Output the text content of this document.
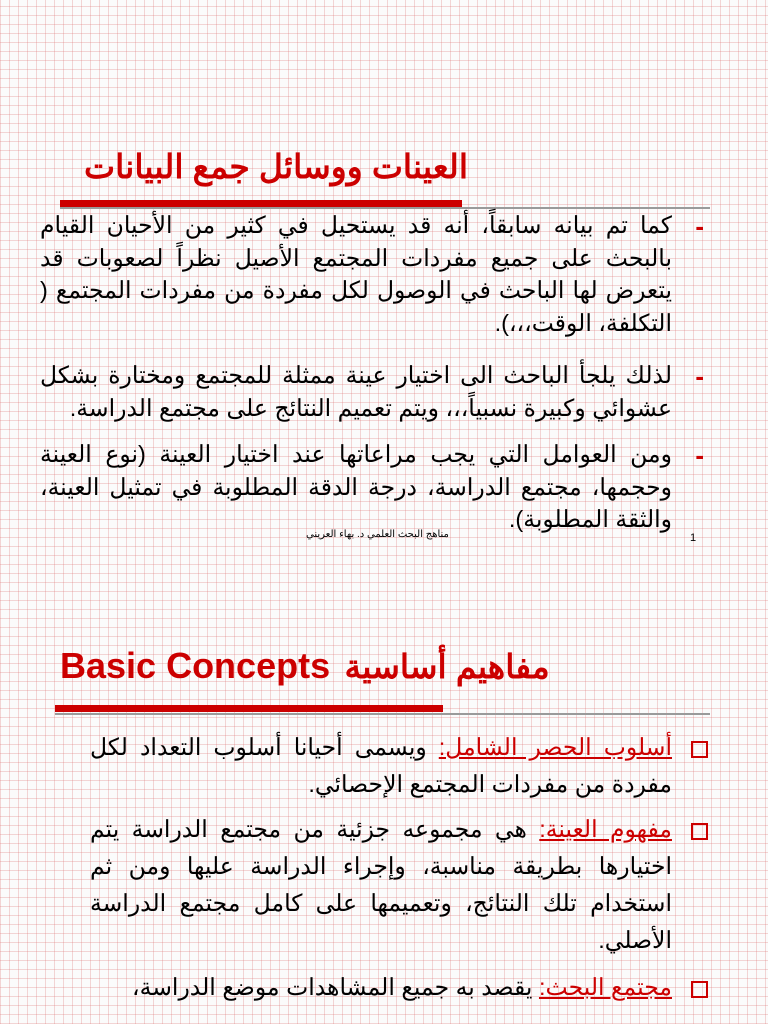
العينات ووسائل جمع البيانات
-

كما تم بيانه سابقاً، أنه قد يستحيل في كثير من الأحيان القيام بالبحث على جميع مفردات المجتمع الأصيل نظراً لصعوبات قد يتعرض لها الباحث في الوصول لكل مفردة من مفردات المجتمع ( التكلفة، الوقت،،،).

-

لذلك يلجأ الباحث الى اختيار عينة ممثلة للمجتمع ومختارة بشكل عشوائي وكبيرة نسبياً،،، ويتم تعميم النتائج على مجتمع الدراسة.

-

ومن العوامل التي يجب مراعاتها عند اختيار العينة (نوع العينة وحجمها، مجتمع الدراسة، درجة الدقة المطلوبة في تمثيل العينة، والثقة المطلوبة).

مناهج البحث العلمي د. بهاء العريني	1
Basic Concepts مفاهيم أساسية

أسلوب الحصر الشامل: ويسمى أحيانا أسلوب التعداد لكل مفردة من مفردات المجتمع الإحصائي.

مفهوم العينة: هي مجموعه جزئية من مجتمع الدراسة يتم اختيارها بطريقة مناسبة، وإجراء الدراسة عليها ومن ثم استخدام تلك النتائج، وتعميمها على كامل مجتمع الدراسة الأصلي.

مجتمع البحث: يقصد به جميع المشاهدات موضع الدراسة،
